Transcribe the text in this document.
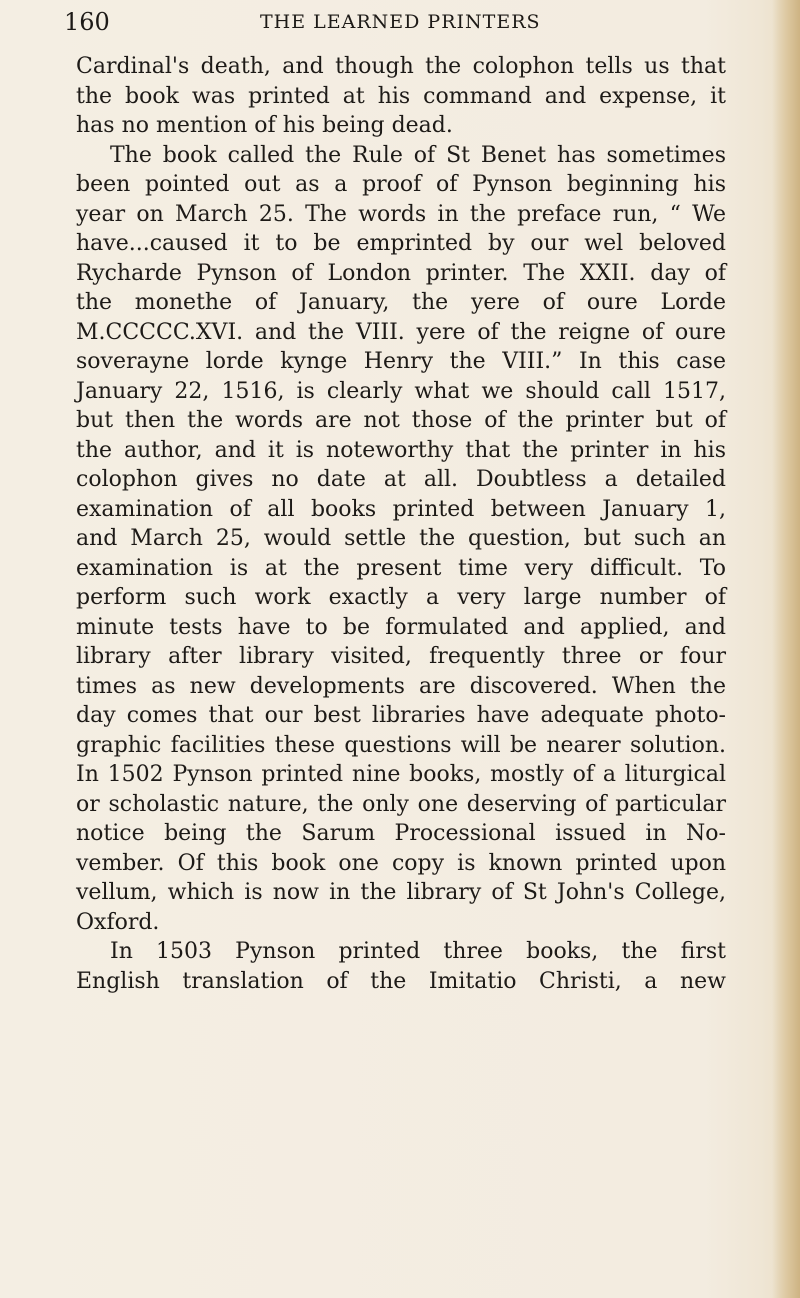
160	THE LEARNED PRINTERS

Cardinal's death, and though the colophon tells us that
the book was printed at his command and expense, it
has no mention of his being dead.

The book called the Rule of St Benet has sometimes
been pointed out as a proof of Pynson beginning his
year on March 25. The words in the preface run, “ We
have...caused it to be emprinted by our wel beloved
Rycharde Pynson of London printer. The XXII. day of
the monethe of January, the yere of oure Lorde
M.CCCCC.XVI. and the VIII. yere of the reigne of oure
soverayne lorde kynge Henry the VIII.” In this case
January 22, 1516, is clearly what we should call 1517,
but then the words are not those of the printer but of
the author, and it is noteworthy that the printer in his
colophon gives no date at all. Doubtless a detailed
examination of all books printed between January 1,
and March 25, would settle the question, but such an
examination is at the present time very difficult. To
perform such work exactly a very large number of
minute tests have to be formulated and applied, and
library after library visited, frequently three or four
times as new developments are discovered. When the
day comes that our best libraries have adequate photo-
graphic facilities these questions will be nearer solution.
In 1502 Pynson printed nine books, mostly of a liturgical
or scholastic nature, the only one deserving of particular
notice being the Sarum Processional issued in No-
vember. Of this book one copy is known printed upon
vellum, which is now in the library of St John's College,
Oxford.

In 1503 Pynson printed three books, the first
English translation of the Imitatio Christi, a new
